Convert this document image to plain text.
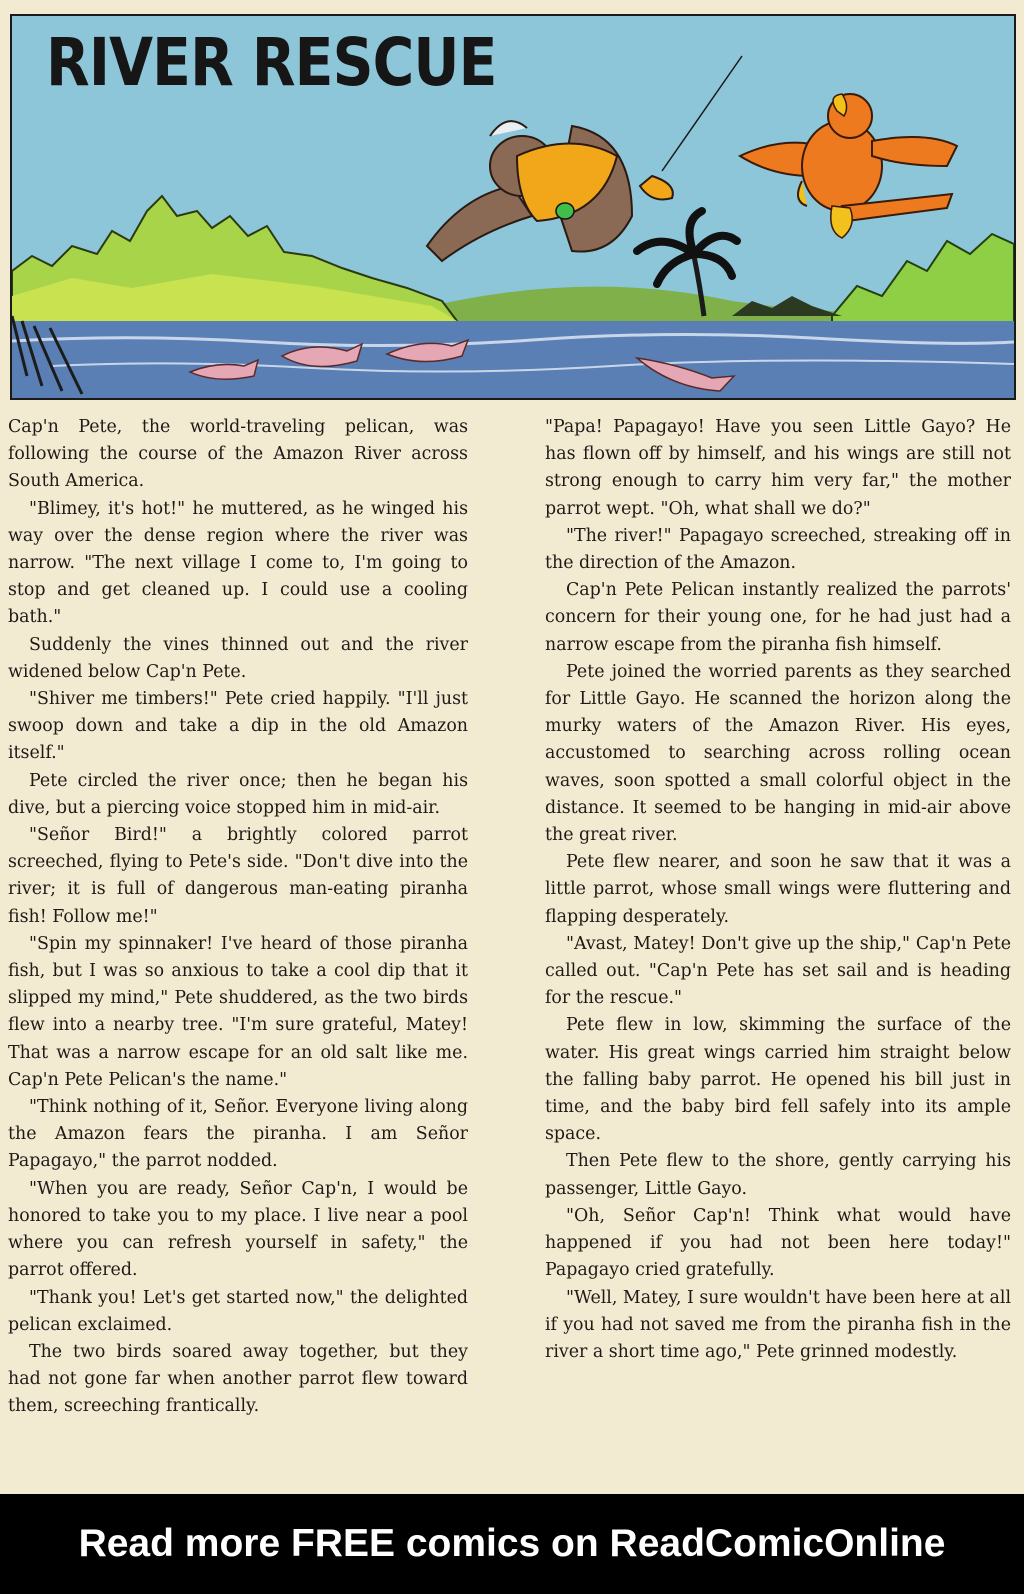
RIVER RESCUE

Cap'n Pete, the world-traveling pelican, was following the course of the Amazon River across South America.

"Blimey, it's hot!" he muttered, as he winged his way over the dense region where the river was narrow. "The next village I come to, I'm going to stop and get cleaned up. I could use a cooling bath."

Suddenly the vines thinned out and the river widened below Cap'n Pete.

"Shiver me timbers!" Pete cried happily. "I'll just swoop down and take a dip in the old Amazon itself."

Pete circled the river once; then he began his dive, but a piercing voice stopped him in mid-air.

"Señor Bird!" a brightly colored parrot screeched, flying to Pete's side. "Don't dive into the river; it is full of dangerous man-eating piranha fish! Follow me!"

"Spin my spinnaker! I've heard of those piranha fish, but I was so anxious to take a cool dip that it slipped my mind," Pete shuddered, as the two birds flew into a nearby tree. "I'm sure grateful, Matey! That was a narrow escape for an old salt like me. Cap'n Pete Pelican's the name."

"Think nothing of it, Señor. Everyone living along the Amazon fears the piranha. I am Señor Papagayo," the parrot nodded.

"When you are ready, Señor Cap'n, I would be honored to take you to my place. I live near a pool where you can refresh yourself in safety," the parrot offered.

"Thank you! Let's get started now," the delighted pelican exclaimed.

The two birds soared away together, but they had not gone far when another parrot flew toward them, screeching frantically.

"Papa! Papagayo! Have you seen Little Gayo? He has flown off by himself, and his wings are still not strong enough to carry him very far," the mother parrot wept. "Oh, what shall we do?"

"The river!" Papagayo screeched, streaking off in the direction of the Amazon.

Cap'n Pete Pelican instantly realized the parrots' concern for their young one, for he had just had a narrow escape from the piranha fish himself.

Pete joined the worried parents as they searched for Little Gayo. He scanned the horizon along the murky waters of the Amazon River. His eyes, accustomed to searching across rolling ocean waves, soon spotted a small colorful object in the distance. It seemed to be hanging in mid-air above the great river.

Pete flew nearer, and soon he saw that it was a little parrot, whose small wings were fluttering and flapping desperately.

"Avast, Matey! Don't give up the ship," Cap'n Pete called out. "Cap'n Pete has set sail and is heading for the rescue."

Pete flew in low, skimming the surface of the water. His great wings carried him straight below the falling baby parrot. He opened his bill just in time, and the baby bird fell safely into its ample space.

Then Pete flew to the shore, gently carrying his passenger, Little Gayo.

"Oh, Señor Cap'n! Think what would have happened if you had not been here today!" Papagayo cried gratefully.

"Well, Matey, I sure wouldn't have been here at all if you had not saved me from the piranha fish in the river a short time ago," Pete grinned modestly.

Read more FREE comics on ReadComicOnline
